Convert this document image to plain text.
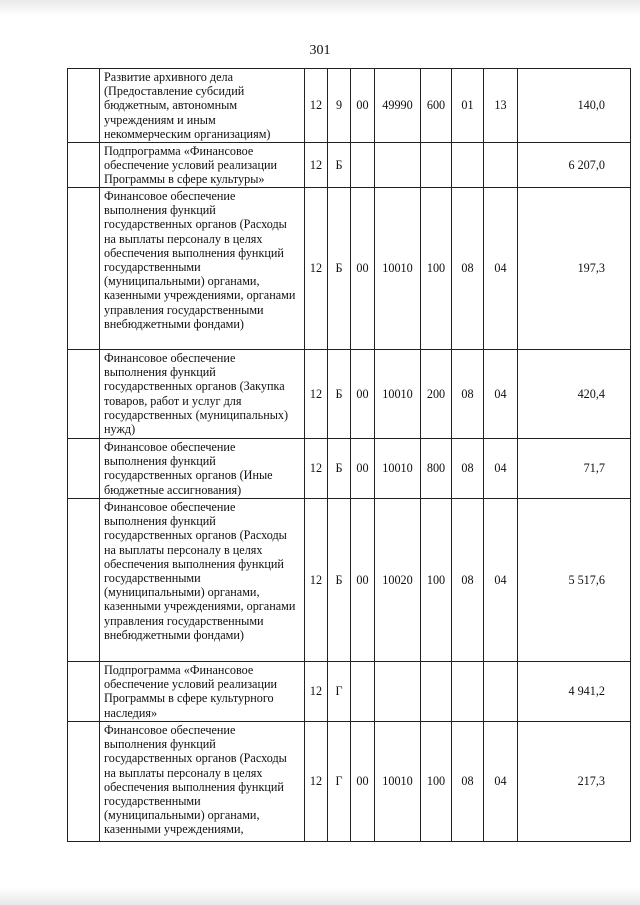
301
	Развитие архивного дела (Предоставление субсидий бюджетным, автономным учреждениям и иным некоммерческим организациям)	12	9	00	49990	600	01	13	140,0
	Подпрограмма «Финансовое обеспечение условий реализации Программы в сфере культуры»	12	Б						6 207,0
	Финансовое обеспечение выполнения функций государственных органов (Расходы на выплаты персоналу в целях обеспечения выполнения функций государственными (муниципальными) органами, казенными учреждениями, органами управления государственными внебюджетными фондами)	12	Б	00	10010	100	08	04	197,3
	Финансовое обеспечение выполнения функций государственных органов (Закупка товаров, работ и услуг для государственных (муниципальных) нужд)	12	Б	00	10010	200	08	04	420,4
	Финансовое обеспечение выполнения функций государственных органов (Иные бюджетные ассигнования)	12	Б	00	10010	800	08	04	71,7
	Финансовое обеспечение выполнения функций государственных органов (Расходы на выплаты персоналу в целях обеспечения выполнения функций государственными (муниципальными) органами, казенными учреждениями, органами управления государственными внебюджетными фондами)	12	Б	00	10020	100	08	04	5 517,6
	Подпрограмма «Финансовое обеспечение условий реализации Программы в сфере культурного наследия»	12	Г						4 941,2
	Финансовое обеспечение выполнения функций государственных органов (Расходы на выплаты персоналу в целях обеспечения выполнения функций государственными (муниципальными) органами, казенными учреждениями,	12	Г	00	10010	100	08	04	217,3
